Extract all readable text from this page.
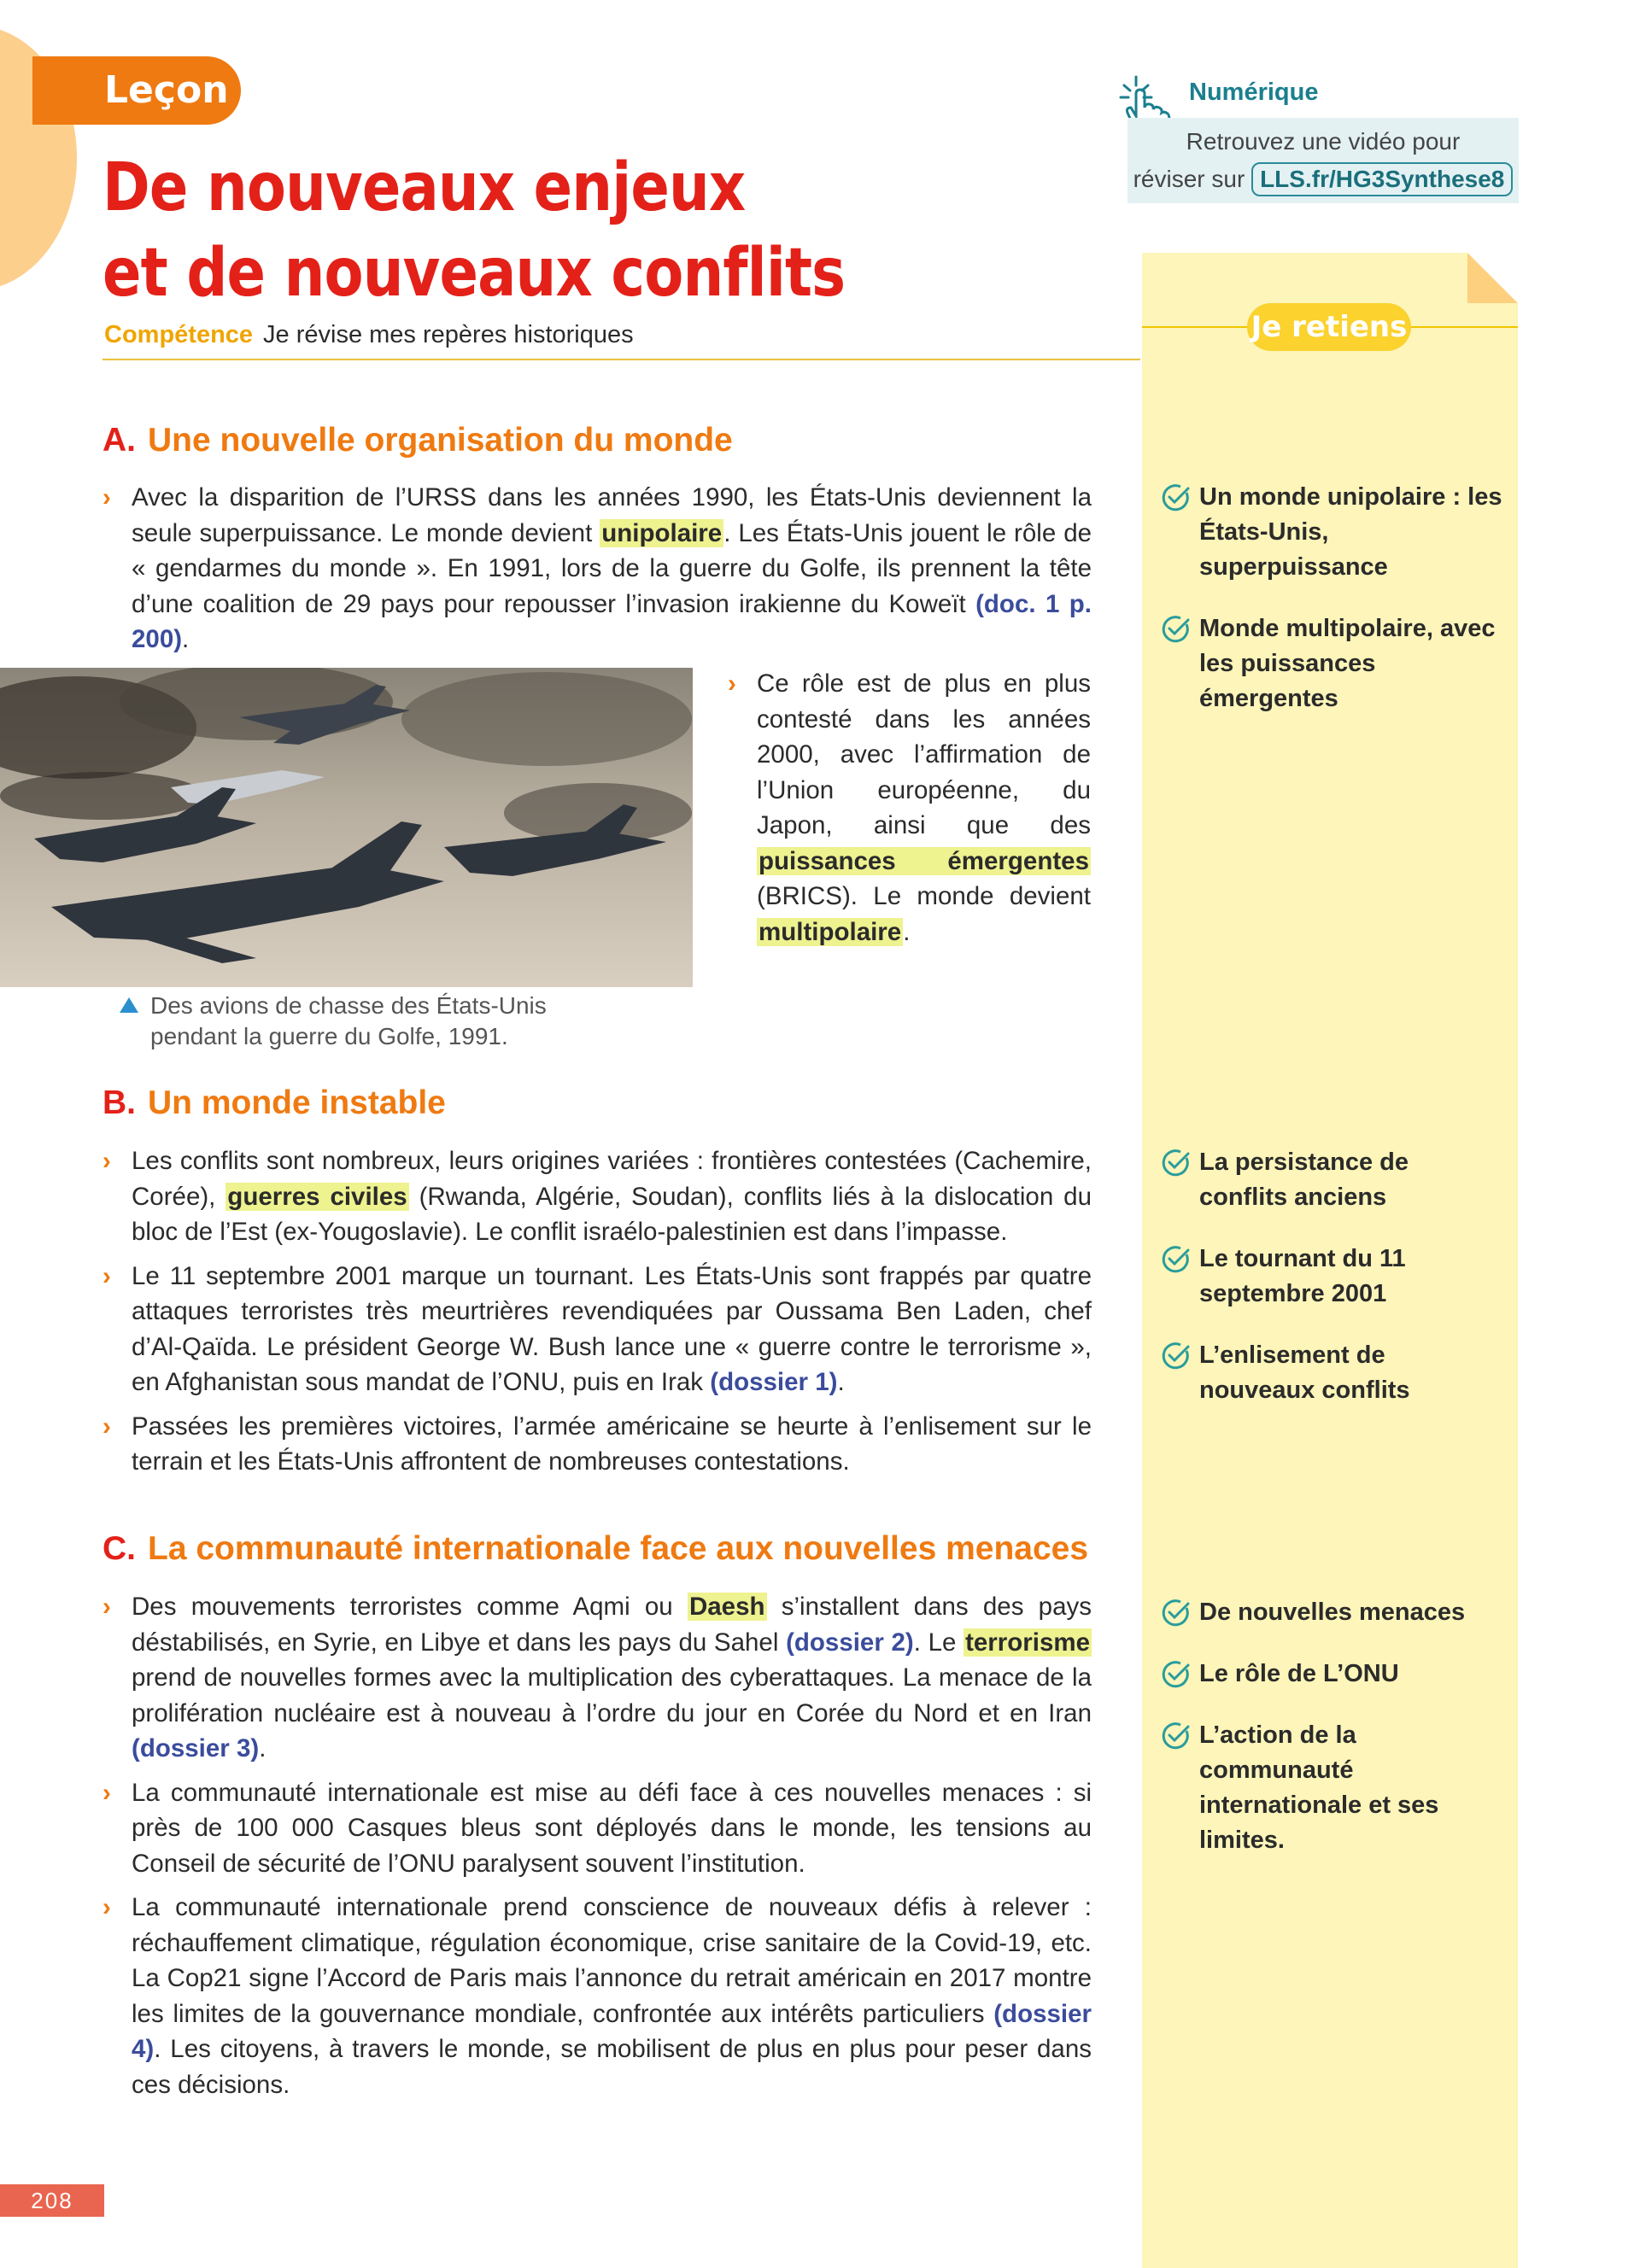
Leçon
De nouveaux enjeux
et de nouveaux conflits
Compétence Je révise mes repères historiques
Numérique
Retrouvez une vidéo pour
réviser sur LLS.fr/HG3Synthese8
Je retiens
Un monde unipolaire : les États-Unis, superpuissance
Monde multipolaire, avec les puissances émergentes
La persistance de conflits anciens
Le tournant du 11 septembre 2001
L’enlisement de nouveaux conflits
De nouvelles menaces
Le rôle de L’ONU
L’action de la communauté internationale et ses limites.
A. Une nouvelle organisation du monde

› Avec la disparition de l’URSS dans les années 1990, les États-Unis deviennent la seule superpuissance. Le monde devient unipolaire. Les États-Unis jouent le rôle de « gendarmes du monde ». En 1991, lors de la guerre du Golfe, ils prennent la tête d’une coalition de 29 pays pour repousser l’invasion irakienne du Koweït (doc. 1 p. 200).

Des avions de chasse des États-Unis pendant la guerre du Golfe, 1991.

› Ce rôle est de plus en plus contesté dans les années 2000, avec l’affirmation de l’Union européenne, du Japon, ainsi que des puissances émergentes (BRICS). Le monde devient multipolaire.

B. Un monde instable

› Les conflits sont nombreux, leurs origines variées : frontières contestées (Cachemire, Corée), guerres civiles (Rwanda, Algérie, Soudan), conflits liés à la dislocation du bloc de l’Est (ex-Yougoslavie). Le conflit israélo-palestinien est dans l’impasse.

› Le 11 septembre 2001 marque un tournant. Les États-Unis sont frappés par quatre attaques terroristes très meurtrières revendiquées par Oussama Ben Laden, chef d’Al-Qaïda. Le président George W. Bush lance une « guerre contre le terrorisme », en Afghanistan sous mandat de l’ONU, puis en Irak (dossier 1).

› Passées les premières victoires, l’armée américaine se heurte à l’enlisement sur le terrain et les États-Unis affrontent de nombreuses contestations.

C. La communauté internationale face aux nouvelles menaces

› Des mouvements terroristes comme Aqmi ou Daesh s’installent dans des pays déstabilisés, en Syrie, en Libye et dans les pays du Sahel (dossier 2). Le terrorisme prend de nouvelles formes avec la multiplication des cyberattaques. La menace de la prolifération nucléaire est à nouveau à l’ordre du jour en Corée du Nord et en Iran (dossier 3).

› La communauté internationale est mise au défi face à ces nouvelles menaces : si près de 100 000 Casques bleus sont déployés dans le monde, les tensions au Conseil de sécurité de l’ONU paralysent souvent l’institution.

› La communauté internationale prend conscience de nouveaux défis à relever : réchauffement climatique, régulation économique, crise sanitaire de la Covid-19, etc. La Cop21 signe l’Accord de Paris mais l’annonce du retrait américain en 2017 montre les limites de la gouvernance mondiale, confrontée aux intérêts particuliers (dossier 4). Les citoyens, à travers le monde, se mobilisent de plus en plus pour peser dans ces décisions.

208
